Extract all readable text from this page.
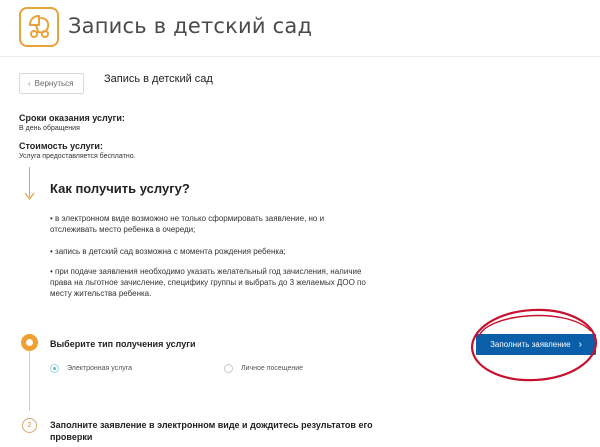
Запись в детский сад
‹ Вернуться	Запись в детский сад
Сроки оказания услуги:
В день обращения
Стоимость услуги:
Услуга предоставляется бесплатно.
Как получить услугу?
• в электронном виде возможно не только сформировать заявление, но и отслеживать место ребенка в очереди;
• запись в детский сад возможна с момента рождения ребенка;
• при подаче заявления необходимо указать желательный год зачисления, наличие права на льготное зачисление, специфику группы и выбрать до 3 желаемых ДОО по месту жительства ребенка.
Выберите тип получения услуги
Электронная услуга	Личное посещение
2	Заполните заявление в электронном виде и дождитесь результатов его проверки
Заполнить заявление ›
